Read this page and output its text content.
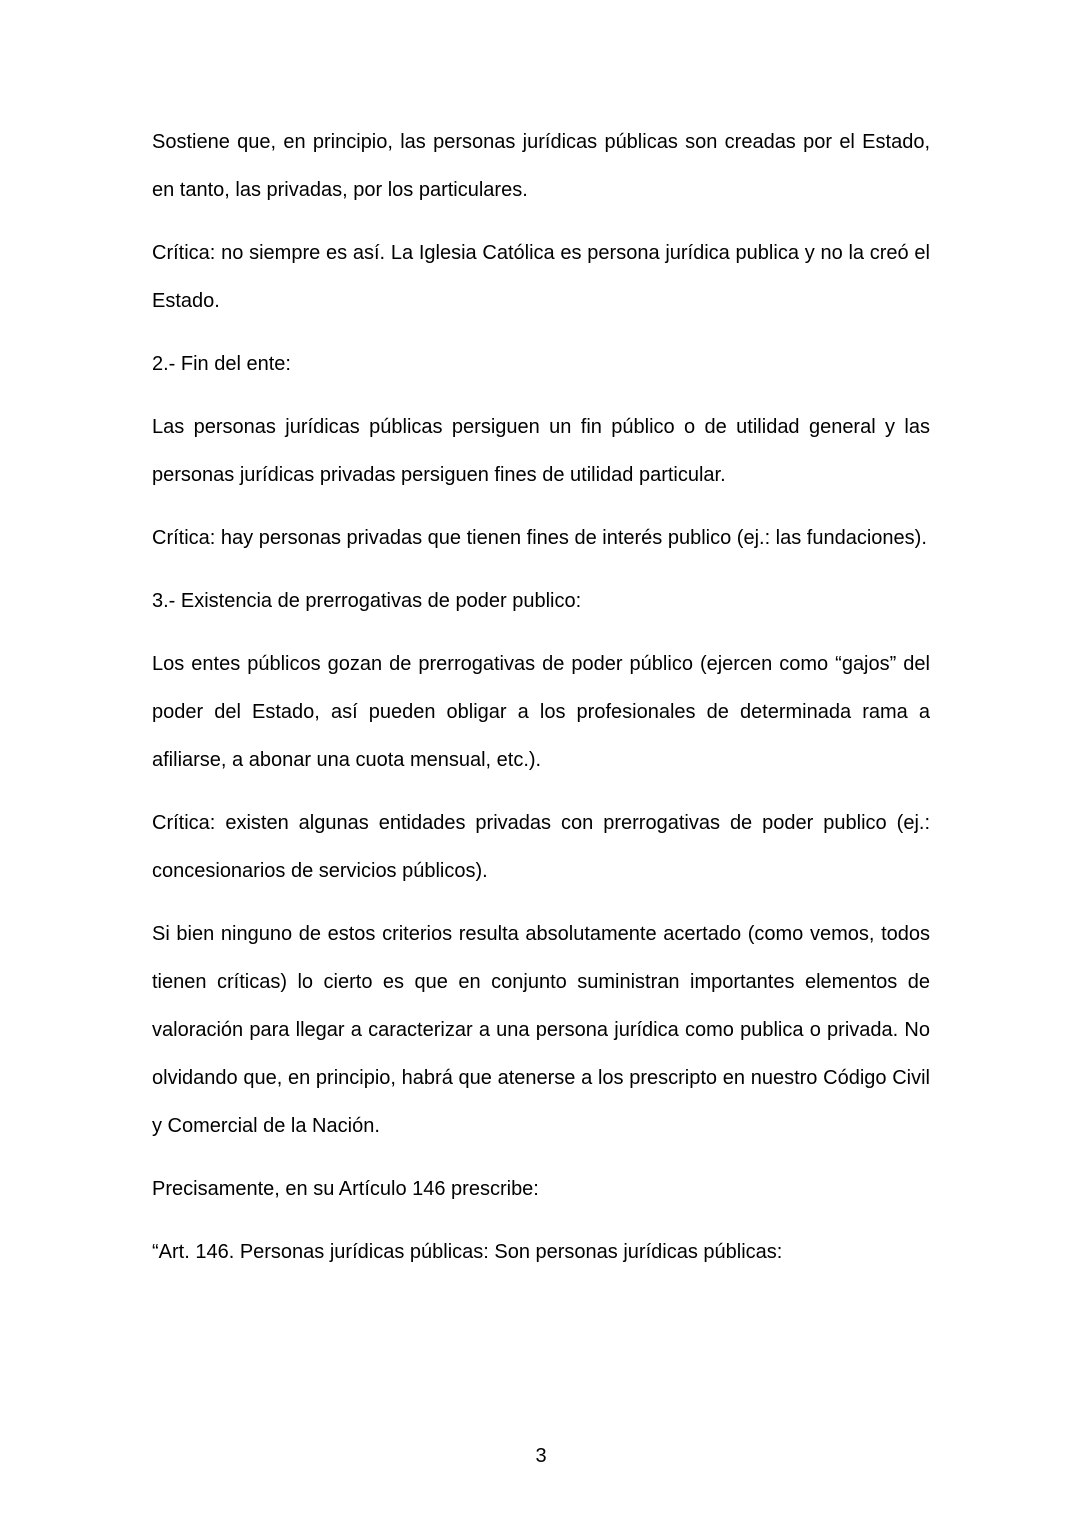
Sostiene que, en principio, las personas jurídicas públicas son creadas por el Estado, en tanto, las privadas, por los particulares.

Crítica: no siempre es así. La Iglesia Católica es persona jurídica publica y no la creó el Estado.

2.- Fin del ente:

Las personas jurídicas públicas persiguen un fin público o de utilidad general y las personas jurídicas privadas persiguen fines de utilidad particular.

Crítica: hay personas privadas que tienen fines de interés publico (ej.: las fundaciones).

3.- Existencia de prerrogativas de poder publico:

Los entes públicos gozan de prerrogativas de poder público (ejercen como “gajos” del poder del Estado, así pueden obligar a los profesionales de determinada rama a afiliarse, a abonar una cuota mensual, etc.).

Crítica: existen algunas entidades privadas con prerrogativas de poder publico (ej.: concesionarios de servicios públicos).

Si bien ninguno de estos criterios resulta absolutamente acertado (como vemos, todos tienen críticas) lo cierto es que en conjunto suministran importantes elementos de valoración para llegar a caracterizar a una persona jurídica como publica o privada. No olvidando que, en principio, habrá que atenerse a los prescripto en nuestro Código Civil y Comercial de la Nación.

Precisamente, en su Artículo 146 prescribe:

“Art. 146. Personas jurídicas públicas: Son personas jurídicas públicas:

3
